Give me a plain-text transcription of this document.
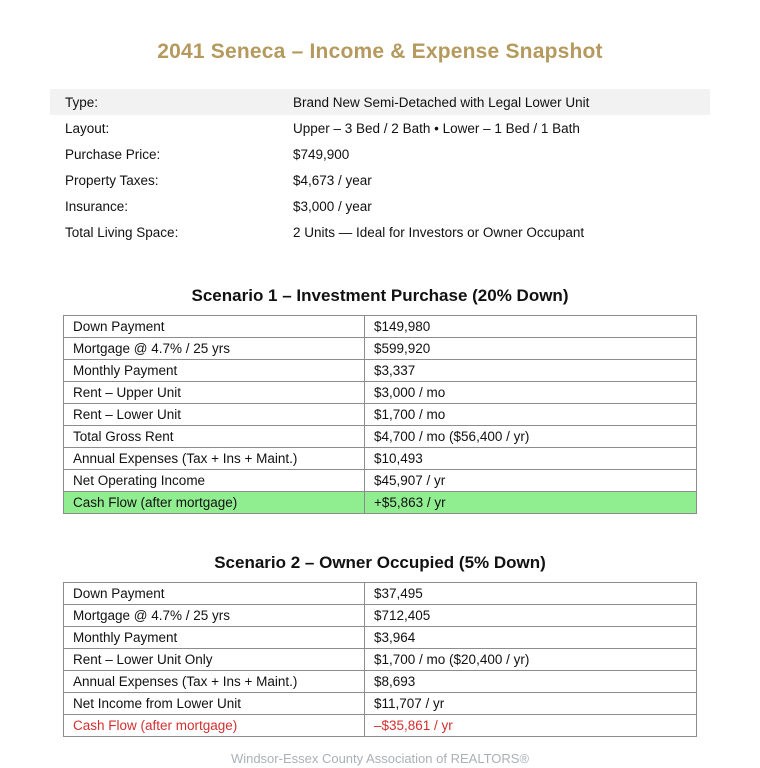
2041 Seneca – Income & Expense Snapshot
Type:	Brand New Semi-Detached with Legal Lower Unit
Layout:	Upper – 3 Bed / 2 Bath • Lower – 1 Bed / 1 Bath
Purchase Price:	$749,900
Property Taxes:	$4,673 / year
Insurance:	$3,000 / year
Total Living Space:	2 Units — Ideal for Investors or Owner Occupant
Scenario 1 – Investment Purchase (20% Down)
Down Payment	$149,980
Mortgage @ 4.7% / 25 yrs	$599,920
Monthly Payment	$3,337
Rent – Upper Unit	$3,000 / mo
Rent – Lower Unit	$1,700 / mo
Total Gross Rent	$4,700 / mo ($56,400 / yr)
Annual Expenses (Tax + Ins + Maint.)	$10,493
Net Operating Income	$45,907 / yr
Cash Flow (after mortgage)	+$5,863 / yr
Scenario 2 – Owner Occupied (5% Down)
Down Payment	$37,495
Mortgage @ 4.7% / 25 yrs	$712,405
Monthly Payment	$3,964
Rent – Lower Unit Only	$1,700 / mo ($20,400 / yr)
Annual Expenses (Tax + Ins + Maint.)	$8,693
Net Income from Lower Unit	$11,707 / yr
Cash Flow (after mortgage)	–$35,861 / yr
Windsor-Essex County Association of REALTORS®
